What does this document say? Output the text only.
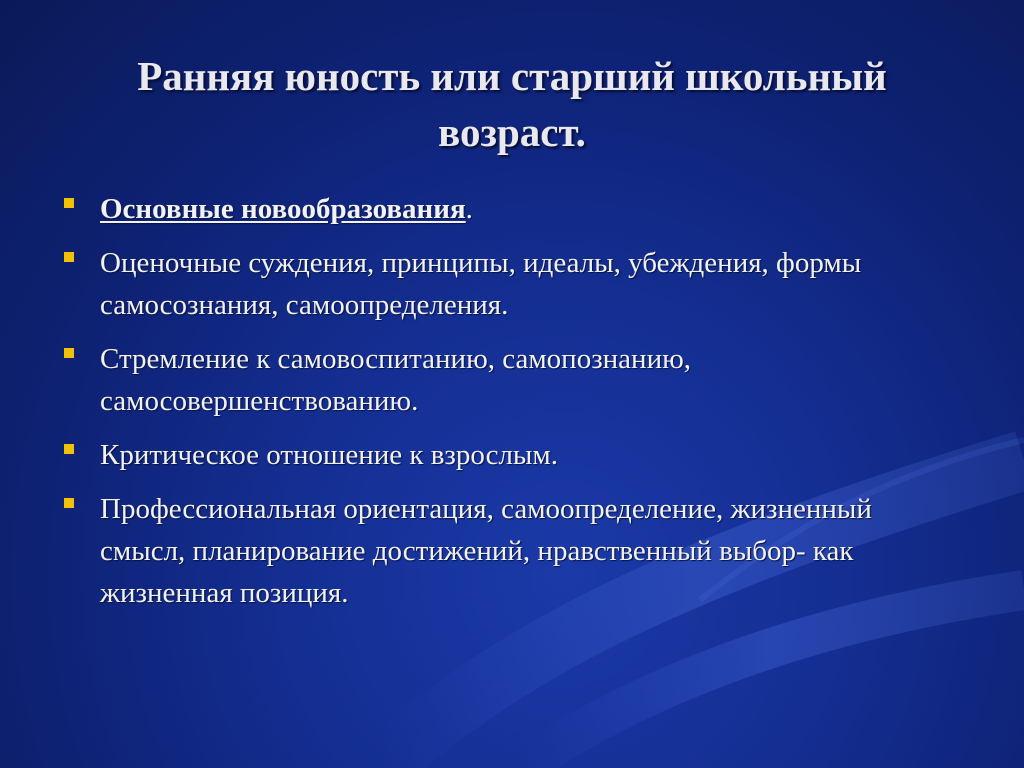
Ранняя юность или старший школьный возраст.
Основные новообразования.
Оценочные суждения, принципы, идеалы, убеждения, формы самосознания, самоопределения.
Стремление к самовоспитанию, самопознанию, самосовершенствованию.
Критическое отношение к взрослым.
Профессиональная ориентация, самоопределение, жизненный смысл, планирование достижений, нравственный выбор- как жизненная позиция.
